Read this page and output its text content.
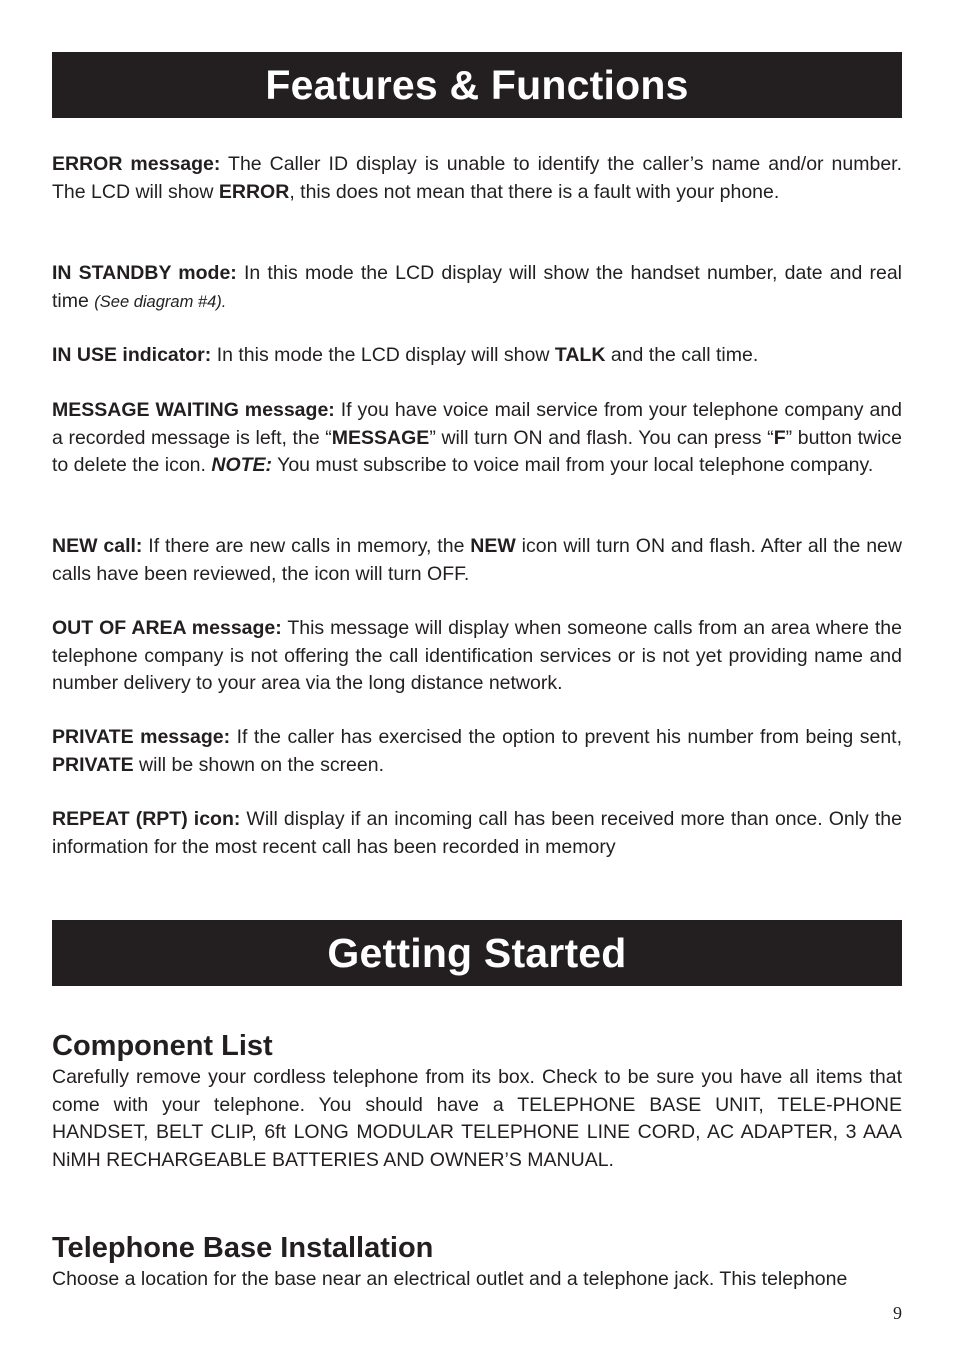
Features & Functions

ERROR message: The Caller ID display is unable to identify the caller’s name and/or number. The LCD will show ERROR, this does not mean that there is a fault with your phone.

IN STANDBY mode: In this mode the LCD display will show the handset number, date and real time (See diagram #4).

IN USE indicator: In this mode the LCD display will show TALK and the call time.

MESSAGE WAITING message: If you have voice mail service from your telephone company and a recorded message is left, the “MESSAGE” will turn ON and flash. You can press “F” button twice to delete the icon. NOTE: You must subscribe to voice mail from your local telephone company.

NEW call: If there are new calls in memory, the NEW icon will turn ON and flash. After all the new calls have been reviewed, the icon will turn OFF.

OUT OF AREA message: This message will display when someone calls from an area where the telephone company is not offering the call identification services or is not yet providing name and number delivery to your area via the long distance network.

PRIVATE message: If the caller has exercised the option to prevent his number from being sent, PRIVATE will be shown on the screen.

REPEAT (RPT) icon: Will display if an incoming call has been received more than once. Only the information for the most recent call has been recorded in memory

Getting Started
Component List

Carefully remove your cordless telephone from its box. Check to be sure you have all items that come with your telephone. You should have a TELEPHONE BASE UNIT, TELE-PHONE HANDSET, BELT CLIP, 6ft LONG MODULAR TELEPHONE LINE CORD, AC ADAPTER, 3 AAA NiMH RECHARGEABLE BATTERIES AND OWNER’S MANUAL.

Telephone Base Installation

Choose a location for the base near an electrical outlet and a telephone jack. This telephone

9
